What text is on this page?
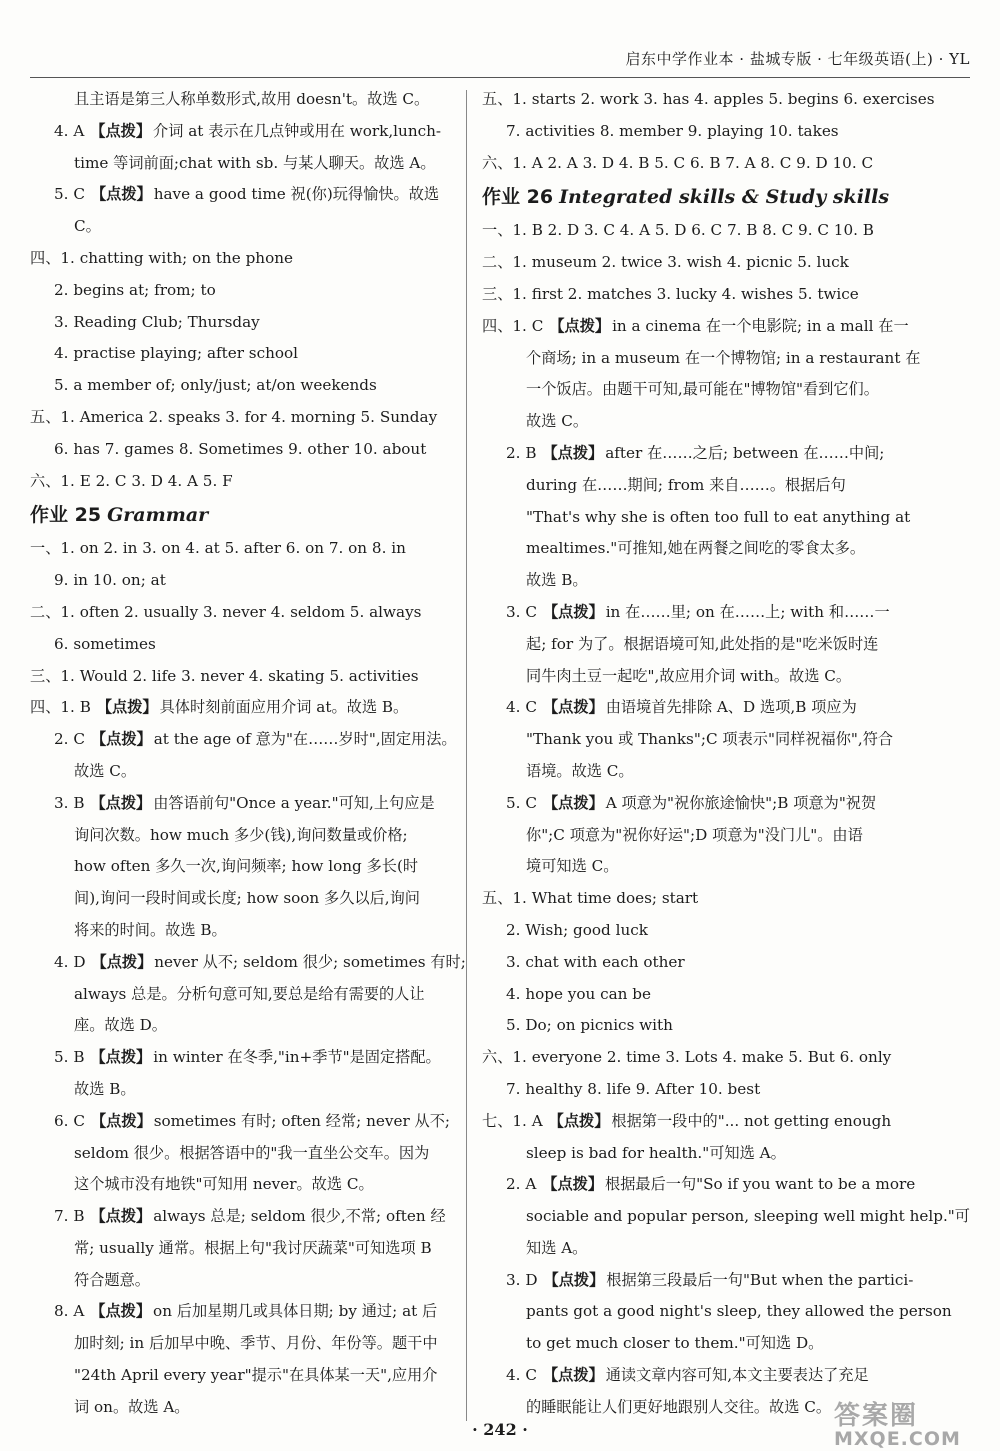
启东中学作业本 · 盐城专版 · 七年级英语(上) · YL
且主语是第三人称单数形式,故用 doesn't。故选 C。
4. A 【点拨】 介词 at 表示在几点钟或用在 work,lunch-
time 等词前面;chat with sb. 与某人聊天。故选 A。
5. C 【点拨】 have a good time 祝(你)玩得愉快。故选
C。
四、1. chatting with; on the phone
2. begins at; from; to
3. Reading Club; Thursday
4. practise playing; after school
5. a member of; only/just; at/on weekends
五、1. America 2. speaks 3. for 4. morning 5. Sunday
6. has 7. games 8. Sometimes 9. other 10. about
六、1. E 2. C 3. D 4. A 5. F
作业 25 Grammar
一、1. on 2. in 3. on 4. at 5. after 6. on 7. on 8. in
9. in 10. on; at
二、1. often 2. usually 3. never 4. seldom 5. always
6. sometimes
三、1. Would 2. life 3. never 4. skating 5. activities
四、1. B 【点拨】 具体时刻前面应用介词 at。故选 B。
2. C 【点拨】 at the age of 意为"在……岁时",固定用法。
故选 C。
3. B 【点拨】 由答语前句"Once a year."可知,上句应是
询问次数。how much 多少(钱),询问数量或价格;
how often 多久一次,询问频率; how long 多长(时
间),询问一段时间或长度; how soon 多久以后,询问
将来的时间。故选 B。
4. D 【点拨】 never 从不; seldom 很少; sometimes 有时;
always 总是。分析句意可知,要总是给有需要的人让
座。故选 D。
5. B 【点拨】 in winter 在冬季,"in+季节"是固定搭配。
故选 B。
6. C 【点拨】 sometimes 有时; often 经常; never 从不;
seldom 很少。根据答语中的"我一直坐公交车。因为
这个城市没有地铁"可知用 never。故选 C。
7. B 【点拨】 always 总是; seldom 很少,不常; often 经
常; usually 通常。根据上句"我讨厌蔬菜"可知选项 B
符合题意。
8. A 【点拨】 on 后加星期几或具体日期; by 通过; at 后
加时刻; in 后加早中晚、季节、月份、年份等。题干中
"24th April every year"提示"在具体某一天",应用介
词 on。故选 A。
五、1. starts 2. work 3. has 4. apples 5. begins 6. exercises
7. activities 8. member 9. playing 10. takes
六、1. A 2. A 3. D 4. B 5. C 6. B 7. A 8. C 9. D 10. C
作业 26 Integrated skills & Study skills
一、1. B 2. D 3. C 4. A 5. D 6. C 7. B 8. C 9. C 10. B
二、1. museum 2. twice 3. wish 4. picnic 5. luck
三、1. first 2. matches 3. lucky 4. wishes 5. twice
四、1. C 【点拨】 in a cinema 在一个电影院; in a mall 在一
个商场; in a museum 在一个博物馆; in a restaurant 在
一个饭店。由题干可知,最可能在"博物馆"看到它们。
故选 C。
2. B 【点拨】 after 在……之后; between 在……中间;
during 在……期间; from 来自……。根据后句
"That's why she is often too full to eat anything at
mealtimes."可推知,她在两餐之间吃的零食太多。
故选 B。
3. C 【点拨】 in 在……里; on 在……上; with 和……一
起; for 为了。根据语境可知,此处指的是"吃米饭时连
同牛肉土豆一起吃",故应用介词 with。故选 C。
4. C 【点拨】 由语境首先排除 A、D 选项,B 项应为
"Thank you 或 Thanks";C 项表示"同样祝福你",符合
语境。故选 C。
5. C 【点拨】 A 项意为"祝你旅途愉快";B 项意为"祝贺
你";C 项意为"祝你好运";D 项意为"没门儿"。由语
境可知选 C。
五、1. What time does; start
2. Wish; good luck
3. chat with each other
4. hope you can be
5. Do; on picnics with
六、1. everyone 2. time 3. Lots 4. make 5. But 6. only
7. healthy 8. life 9. After 10. best
七、1. A 【点拨】 根据第一段中的"... not getting enough
sleep is bad for health."可知选 A。
2. A 【点拨】 根据最后一句"So if you want to be a more
sociable and popular person, sleeping well might help."可
知选 A。
3. D 【点拨】 根据第三段最后一句"But when the partici-
pants got a good night's sleep, they allowed the person
to get much closer to them."可知选 D。
4. C 【点拨】 通读文章内容可知,本文主要表达了充足
的睡眠能让人们更好地跟别人交往。故选 C。
· 242 ·	答案圈
MXQE.COM
